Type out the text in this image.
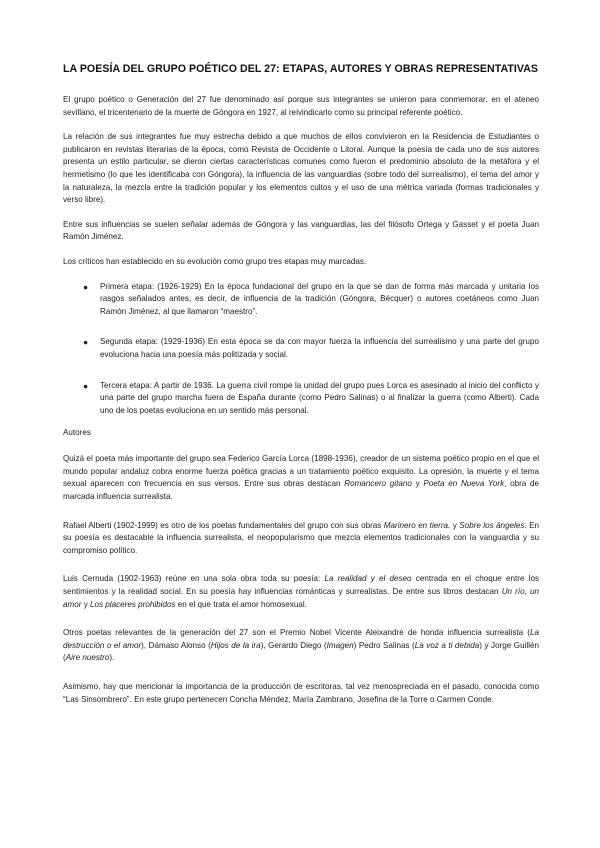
LA POESÍA DEL GRUPO POÉTICO DEL 27: ETAPAS, AUTORES Y OBRAS REPRESENTATIVAS

El grupo poético o Generación del 27 fue denominado así porque sus integrantes se unieron para conmemorar, en el ateneo sevillano, el tricentenario de la muerte de Góngora en 1927, al reivindicarlo como su principal referente poético.

La relación de sus integrantes fue muy estrecha debido a que muchos de ellos convivieron en la Residencia de Estudiantes o publicaron en revistas literarias de la época, como Revista de Occidente o Litoral. Aunque la poesía de cada uno de sus autores presenta un estilo particular, se dieron ciertas características comunes como fueron el predominio absoluto de la metáfora y el hermetismo (lo que les identificaba con Góngora), la influencia de las vanguardias (sobre todo del surrealismo), el tema del amor y la naturaleza, la mezcla entre la tradición popular y los elementos cultos y el uso de una métrica variada (formas tradicionales y verso libre).

Entre sus influencias se suelen señalar además de Góngora y las vanguardias, las del filósofo Ortega y Gasset y el poeta Juan Ramón Jiménez.

Los críticos han establecido en su evolución como grupo tres etapas muy marcadas.

● Primera etapa: (1926-1929) En la época fundacional del grupo en la que se dan de forma más marcada y unitaria los rasgos señalados antes, es decir, de influencia de la tradición (Góngora, Bécquer) o autores coetáneos como Juan Ramón Jiménez, al que llamaron “maestro”.
● Segunda etapa: (1929-1936) En esta época se da con mayor fuerza la influencia del surrealismo y una parte del grupo evoluciona hacia una poesía más politizada y social.
● Tercera etapa: A partir de 1936. La guerra civil rompe la unidad del grupo pues Lorca es asesinado al inicio del conflicto y una parte del grupo marcha fuera de España durante (como Pedro Salinas) o al finalizar la guerra (como Alberti). Cada uno de los poetas evoluciona en un sentido más personal.
Autores

Quizá el poeta más importante del grupo sea Federico García Lorca (1898-1936), creador de un sistema poético propio en el que el mundo popular andaluz cobra enorme fuerza poética gracias a un tratamiento poético exquisito. La opresión, la muerte y el tema sexual aparecen con frecuencia en sus versos. Entre sus obras destacan Romancero gitano y Poeta en Nueva York, obra de marcada influencia surrealista.

Rafael Alberti (1902-1999) es otro de los poetas fundamentales del grupo con sus obras Marinero en tierra. y Sobre los ángeles. En su poesía es destacable la influencia surrealista, el neopopularismo que mezcla elementos tradicionales con la vanguardia y su compromiso político.

Luis Cernuda (1902-1963) reúne en una sola obra toda su poesía: La realidad y el deseo centrada en el choque entre los sentimientos y la realidad social. En su poesía hay influencias románticas y surrealistas. De entre sus libros destacan Un río, un amor y Los placeres prohibidos en el que trata el amor homosexual.

Otros poetas relevantes de la generación del 27 son el Premio Nobel Vicente Aleixandre de honda influencia surrealista (La destrucción o el amor), Dámaso Alonso (Hijos de la ira), Gerardo Diego (Imagen) Pedro Salinas (La voz a ti debida) y Jorge Guillén (Aire nuestro).

Asimismo, hay que mencionar la importancia de la producción de escritoras, tal vez menospreciada en el pasado, conocida como “Las Sinsombrero”. En este grupo pertenecen Concha Méndez, María Zambrano, Josefina de la Torre o Carmen Conde.
